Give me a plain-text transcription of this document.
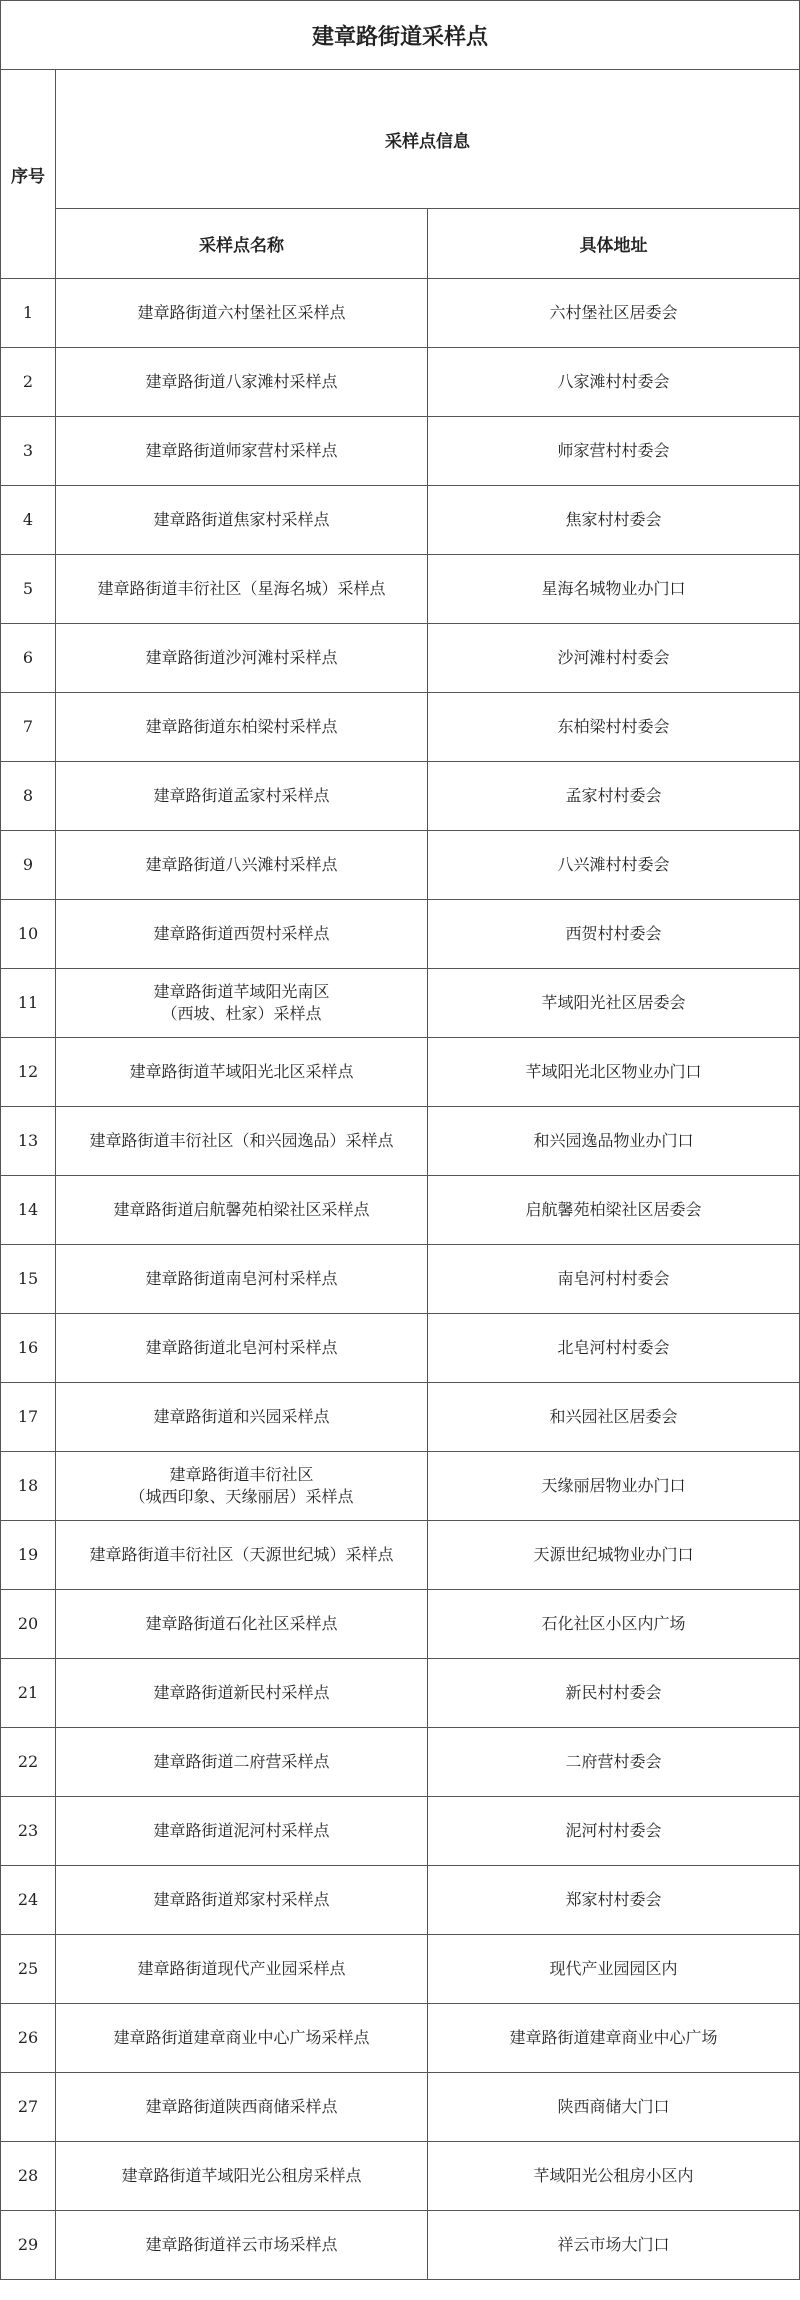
建章路街道采样点		
序号	采样点信息	
	采样点名称	具体地址
1	建章路街道六村堡社区采样点	六村堡社区居委会
2	建章路街道八家滩村采样点	八家滩村村委会
3	建章路街道师家营村采样点	师家营村村委会
4	建章路街道焦家村采样点	焦家村村委会
5	建章路街道丰衍社区（星海名城）采样点	星海名城物业办门口
6	建章路街道沙河滩村采样点	沙河滩村村委会
7	建章路街道东柏梁村采样点	东柏梁村村委会
8	建章路街道孟家村采样点	孟家村村委会
9	建章路街道八兴滩村采样点	八兴滩村村委会
10	建章路街道西贺村采样点	西贺村村委会
11	建章路街道芊域阳光南区
（西坡、杜家）采样点	芊域阳光社区居委会
12	建章路街道芊域阳光北区采样点	芊域阳光北区物业办门口
13	建章路街道丰衍社区（和兴园逸品）采样点	和兴园逸品物业办门口
14	建章路街道启航馨苑柏梁社区采样点	启航馨苑柏梁社区居委会
15	建章路街道南皂河村采样点	南皂河村村委会
16	建章路街道北皂河村采样点	北皂河村村委会
17	建章路街道和兴园采样点	和兴园社区居委会
18	建章路街道丰衍社区
（城西印象、天缘丽居）采样点	天缘丽居物业办门口
19	建章路街道丰衍社区（天源世纪城）采样点	天源世纪城物业办门口
20	建章路街道石化社区采样点	石化社区小区内广场
21	建章路街道新民村采样点	新民村村委会
22	建章路街道二府营采样点	二府营村委会
23	建章路街道泥河村采样点	泥河村村委会
24	建章路街道郑家村采样点	郑家村村委会
25	建章路街道现代产业园采样点	现代产业园园区内
26	建章路街道建章商业中心广场采样点	建章路街道建章商业中心广场
27	建章路街道陕西商储采样点	陕西商储大门口
28	建章路街道芊域阳光公租房采样点	芊域阳光公租房小区内
29	建章路街道祥云市场采样点	祥云市场大门口
